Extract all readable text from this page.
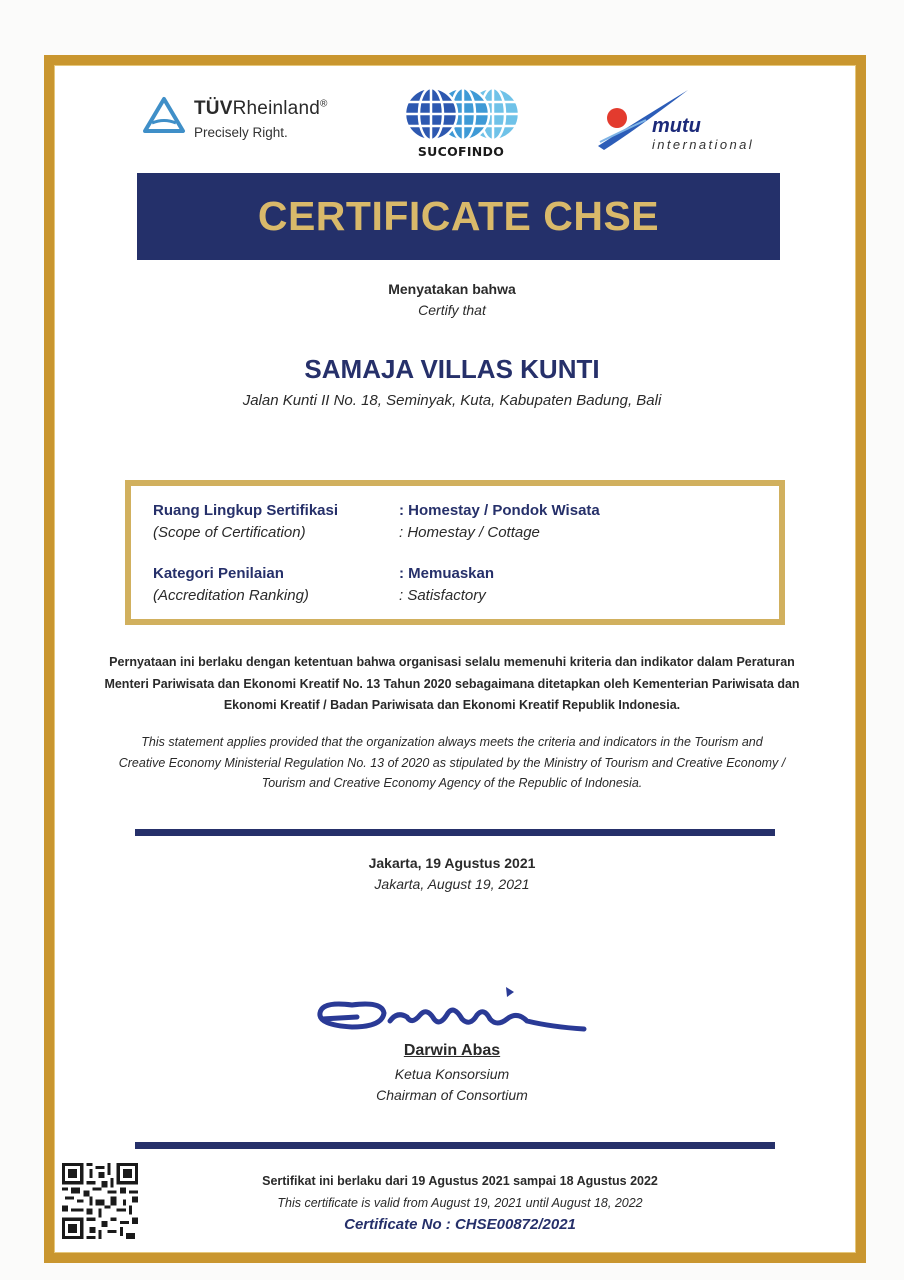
TÜVRheinland®
Precisely Right.
SUCOFINDO
mutu
international
CERTIFICATE CHSE
Menyatakan bahwa
Certify that
SAMAJA VILLAS KUNTI
Jalan Kunti II No. 18, Seminyak, Kuta, Kabupaten Badung, Bali
Ruang Lingkup Sertifikasi
(Scope of Certification)
: Homestay / Pondok Wisata
: Homestay / Cottage
Kategori Penilaian
(Accreditation Ranking)
: Memuaskan
: Satisfactory
Pernyataan ini berlaku dengan ketentuan bahwa organisasi selalu memenuhi kriteria dan indikator dalam Peraturan
Menteri Pariwisata dan Ekonomi Kreatif No. 13 Tahun 2020 sebagaimana ditetapkan oleh Kementerian Pariwisata dan
Ekonomi Kreatif / Badan Pariwisata dan Ekonomi Kreatif Republik Indonesia.
This statement applies provided that the organization always meets the criteria and indicators in the Tourism and
Creative Economy Ministerial Regulation No. 13 of 2020 as stipulated by the Ministry of Tourism and Creative Economy /
Tourism and Creative Economy Agency of the Republic of Indonesia.
Jakarta, 19 Agustus 2021
Jakarta, August 19, 2021
Darwin Abas
Ketua Konsorsium
Chairman of Consortium
Sertifikat ini berlaku dari 19 Agustus 2021 sampai 18 Agustus 2022
This certificate is valid from August 19, 2021 until August 18, 2022
Certificate No : CHSE00872/2021
